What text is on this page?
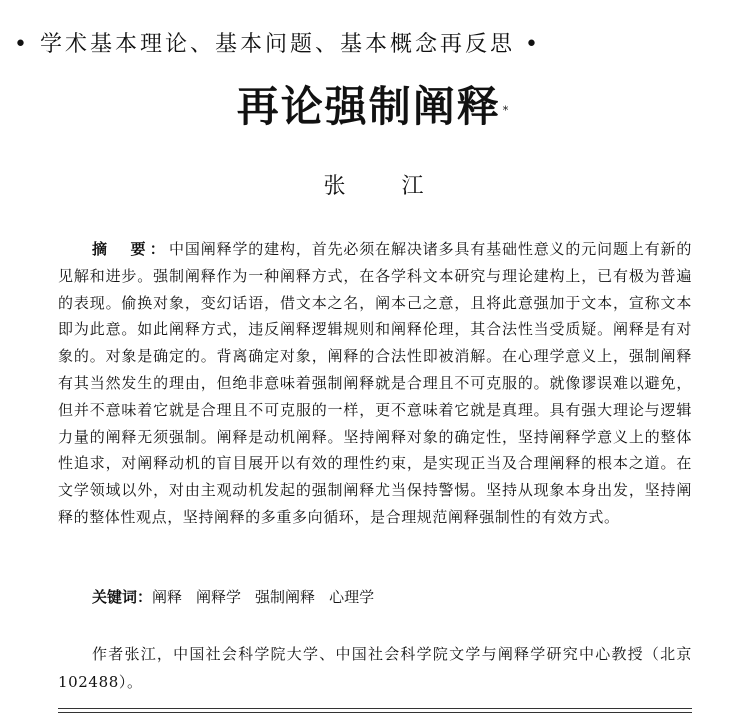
• 学术基本理论、基本问题、基本概念再反思 •
再论强制阐释 *
张江
摘　要：中国阐释学的建构，首先必须在解决诸多具有基础性意义的元问题上有新的见解和进步。强制阐释作为一种阐释方式，在各学科文本研究与理论建构上，已有极为普遍的表现。偷换对象，变幻话语，借文本之名，阐本己之意，且将此意强加于文本，宣称文本即为此意。如此阐释方式，违反阐释逻辑规则和阐释伦理，其合法性当受质疑。阐释是有对象的。对象是确定的。背离确定对象，阐释的合法性即被消解。在心理学意义上，强制阐释有其当然发生的理由，但绝非意味着强制阐释就是合理且不可克服的。就像谬误难以避免，但并不意味着它就是合理且不可克服的一样，更不意味着它就是真理。具有强大理论与逻辑力量的阐释无须强制。阐释是动机阐释。坚持阐释对象的确定性，坚持阐释学意义上的整体性追求，对阐释动机的盲目展开以有效的理性约束，是实现正当及合理阐释的根本之道。在文学领域以外，对由主观动机发起的强制阐释尤当保持警惕。坚持从现象本身出发，坚持阐释的整体性观点，坚持阐释的多重多向循环，是合理规范阐释强制性的有效方式。
关键词：阐释 阐释学 强制阐释 心理学
作者张江，中国社会科学院大学、中国社会科学院文学与阐释学研究中心教授（北京　102488）。
